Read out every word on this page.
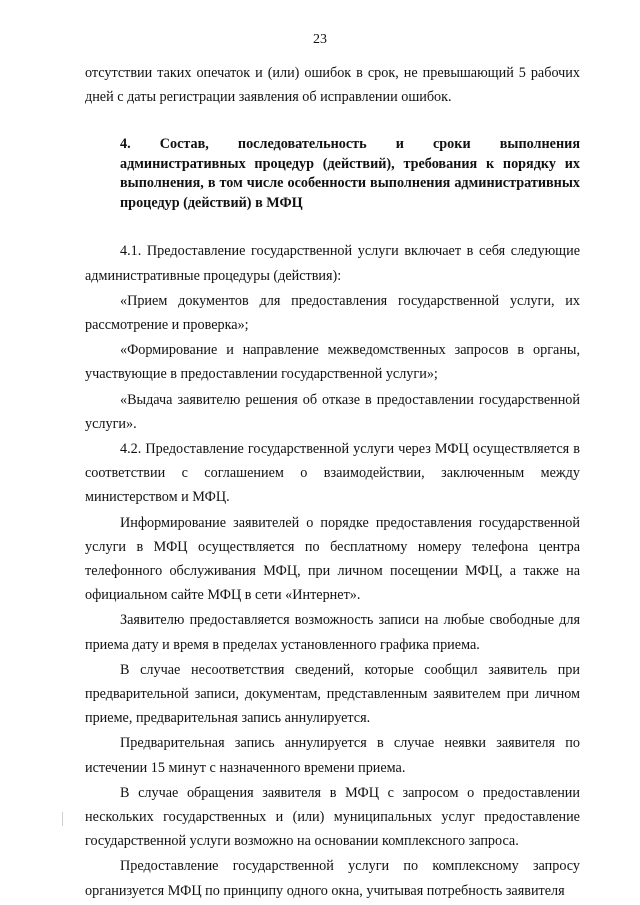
23

отсутствии таких опечаток и (или) ошибок в срок, не превышающий 5 рабочих дней с даты регистрации заявления об исправлении ошибок.

4. Состав, последовательность и сроки выполнения административных процедур (действий), требования к порядку их выполнения, в том числе особенности выполнения административных процедур (действий) в МФЦ

4.1. Предоставление государственной услуги включает в себя следующие административные процедуры (действия):

«Прием документов для предоставления государственной услуги, их рассмотрение и проверка»;

«Формирование и направление межведомственных запросов в органы, участвующие в предоставлении государственной услуги»;

«Выдача заявителю решения об отказе в предоставлении государственной услуги».

4.2. Предоставление государственной услуги через МФЦ осуществляется в соответствии с соглашением о взаимодействии, заключенным между министерством и МФЦ.

Информирование заявителей о порядке предоставления государственной услуги в МФЦ осуществляется по бесплатному номеру телефона центра телефонного обслуживания МФЦ, при личном посещении МФЦ, а также на официальном сайте МФЦ в сети «Интернет».

Заявителю предоставляется возможность записи на любые свободные для приема дату и время в пределах установленного графика приема.

В случае несоответствия сведений, которые сообщил заявитель при предварительной записи, документам, представленным заявителем при личном приеме, предварительная запись аннулируется.

Предварительная запись аннулируется в случае неявки заявителя по истечении 15 минут с назначенного времени приема.

В случае обращения заявителя в МФЦ с запросом о предоставлении нескольких государственных и (или) муниципальных услуг предоставление государственной услуги возможно на основании комплексного запроса.

Предоставление государственной услуги по комплексному запросу организуется МФЦ по принципу одного окна, учитывая потребность заявителя
